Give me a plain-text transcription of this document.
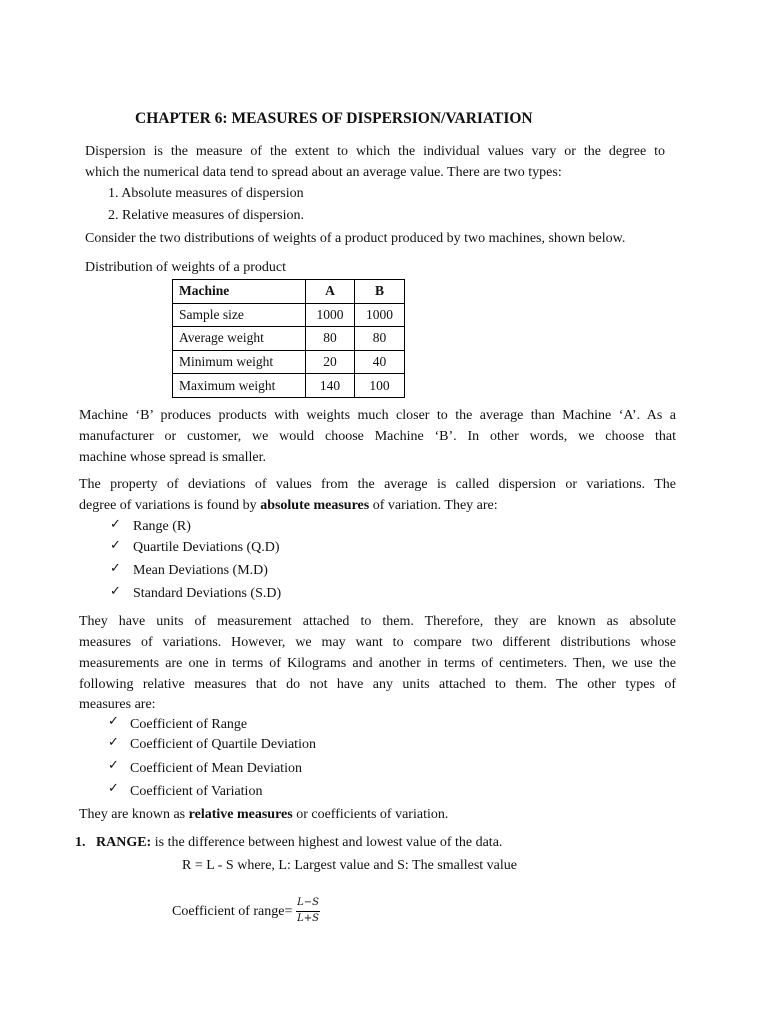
CHAPTER 6: MEASURES OF DISPERSION/VARIATION
Dispersion is the measure of the extent to which the individual values vary or the degree to
which the numerical data tend to spread about an average value. There are two types:
1. Absolute measures of dispersion
2. Relative measures of dispersion.
Consider the two distributions of weights of a product produced by two machines, shown below.
Distribution of weights of a product
Machine	A	B
Sample size	1000	1000
Average weight	80	80
Minimum weight	20	40
Maximum weight	140	100
Machine ‘B’ produces products with weights much closer to the average than Machine ‘A’. As a
manufacturer or customer, we would choose Machine ‘B’. In other words, we choose that
machine whose spread is smaller.
The property of deviations of values from the average is called dispersion or variations. The
degree of variations is found by absolute measures of variation. They are:
✓ Range (R)
✓ Quartile Deviations (Q.D)
✓ Mean Deviations (M.D)
✓ Standard Deviations (S.D)
They have units of measurement attached to them. Therefore, they are known as absolute
measures of variations. However, we may want to compare two different distributions whose
measurements are one in terms of Kilograms and another in terms of centimeters. Then, we use the
following relative measures that do not have any units attached to them. The other types of
measures are:
✓ Coefficient of Range
✓ Coefficient of Quartile Deviation
✓ Coefficient of Mean Deviation
✓ Coefficient of Variation
They are known as relative measures or coefficients of variation.
1. RANGE: is the difference between highest and lowest value of the data.
R = L - S where, L: Largest value and S: The smallest value
Coefficient of range=
L−S
L+S
